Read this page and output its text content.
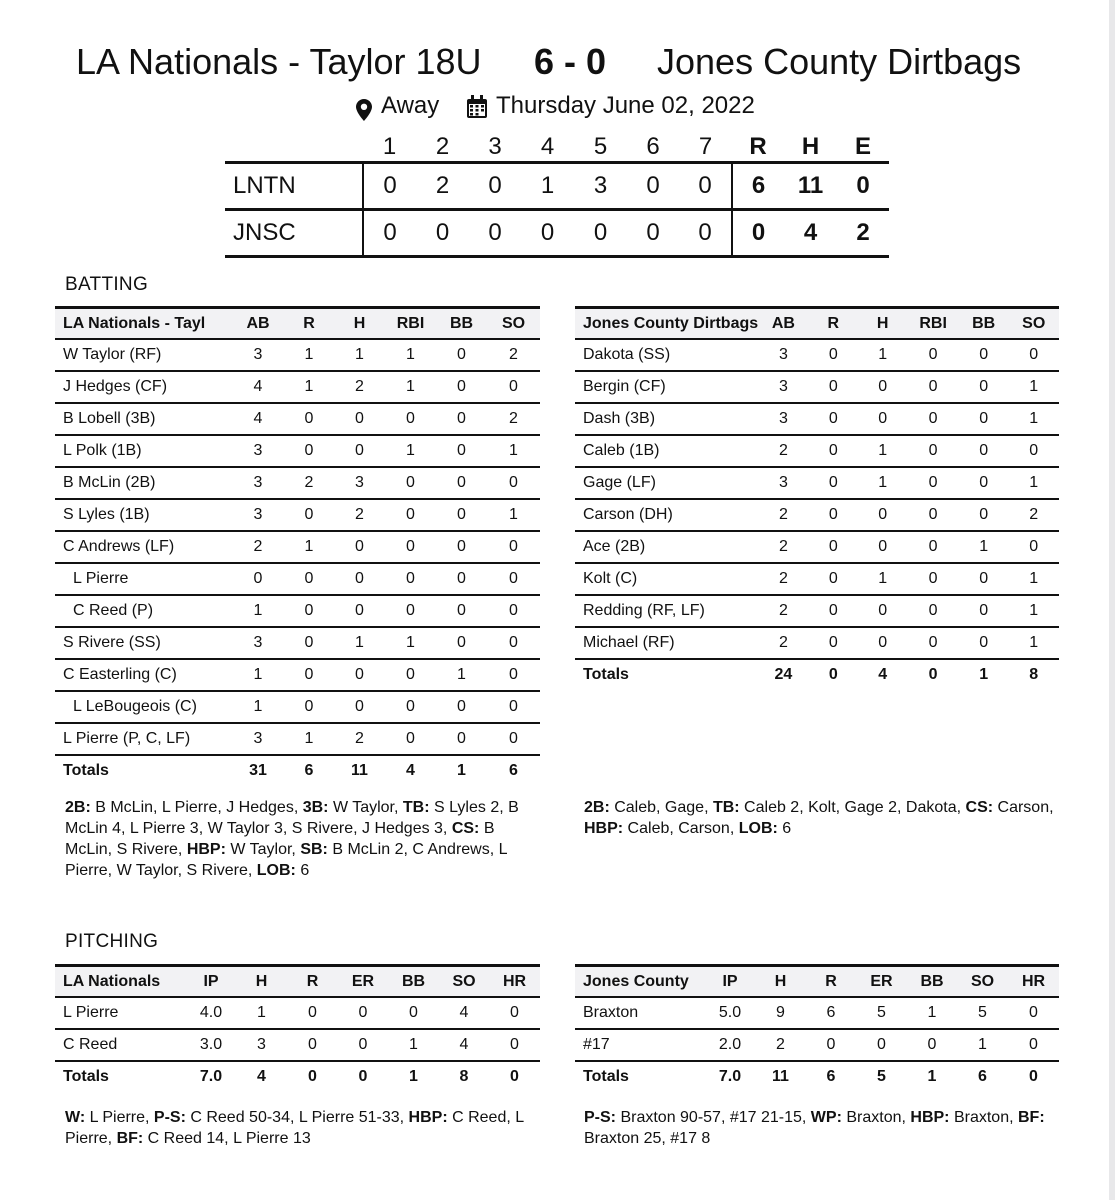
LA Nationals - Taylor 18U 6 - 0 Jones County Dirtbags
Away Thursday June 02, 2022
	1	2	3	4	5	6	7	R	H	E
LNTN	0	2	0	1	3	0	0	6	11	0
JNSC	0	0	0	0	0	0	0	0	4	2
BATTING
LA Nationals - Tayl	AB	R	H	RBI	BB	SO
W Taylor (RF)	3	1	1	1	0	2
J Hedges (CF)	4	1	2	1	0	0
B Lobell (3B)	4	0	0	0	0	2
L Polk (1B)	3	0	0	1	0	1
B McLin (2B)	3	2	3	0	0	0
S Lyles (1B)	3	0	2	0	0	1
C Andrews (LF)	2	1	0	0	0	0
L Pierre	0	0	0	0	0	0
C Reed (P)	1	0	0	0	0	0
S Rivere (SS)	3	0	1	1	0	0
C Easterling (C)	1	0	0	0	1	0
L LeBougeois (C)	1	0	0	0	0	0
L Pierre (P, C, LF)	3	1	2	0	0	0
Totals	31	6	11	4	1	6
Jones County Dirtbags	AB	R	H	RBI	BB	SO
Dakota (SS)	3	0	1	0	0	0
Bergin (CF)	3	0	0	0	0	1
Dash (3B)	3	0	0	0	0	1
Caleb (1B)	2	0	1	0	0	0
Gage (LF)	3	0	1	0	0	1
Carson (DH)	2	0	0	0	0	2
Ace (2B)	2	0	0	0	1	0
Kolt (C)	2	0	1	0	0	1
Redding (RF, LF)	2	0	0	0	0	1
Michael (RF)	2	0	0	0	0	1
Totals	24	0	4	0	1	8
2B: B McLin, L Pierre, J Hedges, 3B: W Taylor, TB: S Lyles 2, B McLin 4, L Pierre 3, W Taylor 3, S Rivere, J Hedges 3, CS: B McLin, S Rivere, HBP: W Taylor, SB: B McLin 2, C Andrews, L Pierre, W Taylor, S Rivere, LOB: 6
2B: Caleb, Gage, TB: Caleb 2, Kolt, Gage 2, Dakota, CS: Carson, HBP: Caleb, Carson, LOB: 6
PITCHING
LA Nationals	IP	H	R	ER	BB	SO	HR
L Pierre	4.0	1	0	0	0	4	0
C Reed	3.0	3	0	0	1	4	0
Totals	7.0	4	0	0	1	8	0
Jones County	IP	H	R	ER	BB	SO	HR
Braxton	5.0	9	6	5	1	5	0
#17	2.0	2	0	0	0	1	0
Totals	7.0	11	6	5	1	6	0
W: L Pierre, P-S: C Reed 50-34, L Pierre 51-33, HBP: C Reed, L Pierre, BF: C Reed 14, L Pierre 13
P-S: Braxton 90-57, #17 21-15, WP: Braxton, HBP: Braxton, BF: Braxton 25, #17 8
